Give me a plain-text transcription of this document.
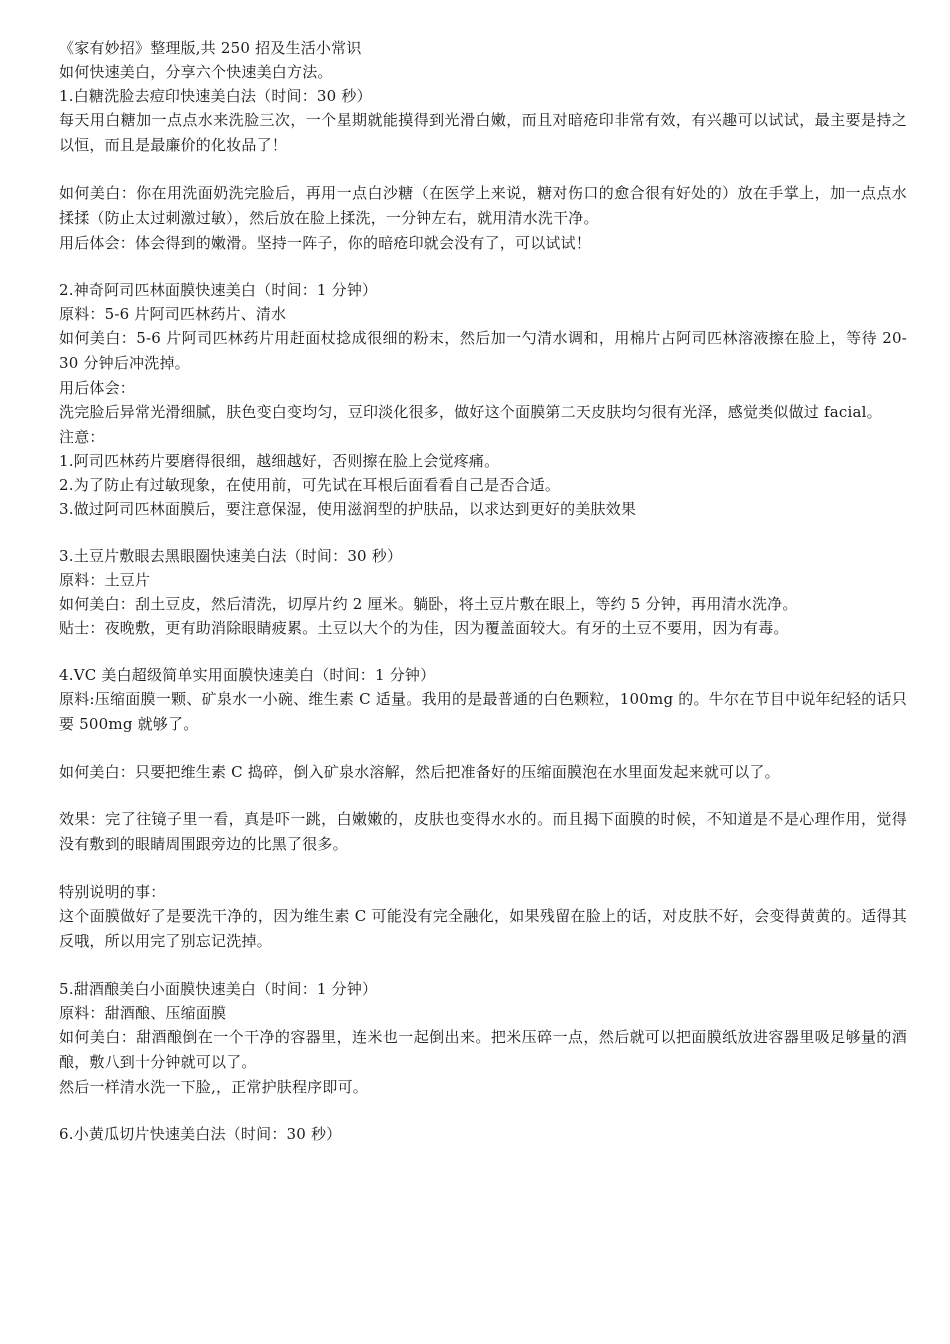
《家有妙招》整理版,共 250 招及生活小常识
如何快速美白，分享六个快速美白方法。
1.白糖洗脸去痘印快速美白法（时间：30 秒）
每天用白糖加一点点水来洗脸三次，一个星期就能摸得到光滑白嫩，而且对暗疮印非常有效，有兴趣可以试试，最主要是持之以恒，而且是最廉价的化妆品了！
如何美白：你在用洗面奶洗完脸后，再用一点白沙糖（在医学上来说，糖对伤口的愈合很有好处的）放在手掌上，加一点点水揉揉（防止太过刺激过敏），然后放在脸上揉洗，一分钟左右，就用清水洗干净。
用后体会：体会得到的嫩滑。坚持一阵子，你的暗疮印就会没有了，可以试试！
2.神奇阿司匹林面膜快速美白（时间：1 分钟）
原料：5-6 片阿司匹林药片、清水
如何美白：5-6 片阿司匹林药片用赶面杖捻成很细的粉末，然后加一勺清水调和，用棉片占阿司匹林溶液擦在脸上，等待 20-30 分钟后冲洗掉。
用后体会：
洗完脸后异常光滑细腻，肤色变白变均匀，豆印淡化很多，做好这个面膜第二天皮肤均匀很有光泽，感觉类似做过 facial。
注意：
1.阿司匹林药片要磨得很细，越细越好，否则擦在脸上会觉疼痛。
2.为了防止有过敏现象，在使用前，可先试在耳根后面看看自己是否合适。
3.做过阿司匹林面膜后，要注意保湿，使用滋润型的护肤品，以求达到更好的美肤效果
3.土豆片敷眼去黑眼圈快速美白法（时间：30 秒）
原料：土豆片
如何美白：刮土豆皮，然后清洗，切厚片约 2 厘米。躺卧，将土豆片敷在眼上，等约 5 分钟，再用清水洗净。
贴士：夜晚敷，更有助消除眼睛疲累。土豆以大个的为佳，因为覆盖面较大。有牙的土豆不要用，因为有毒。
4.VC 美白超级简单实用面膜快速美白（时间：1 分钟）
原料:压缩面膜一颗、矿泉水一小碗、维生素 C 适量。我用的是最普通的白色颗粒，100mg 的。牛尔在节目中说年纪轻的话只要 500mg 就够了。
如何美白：只要把维生素 C 捣碎，倒入矿泉水溶解，然后把准备好的压缩面膜泡在水里面发起来就可以了。
效果：完了往镜子里一看，真是吓一跳，白嫩嫩的，皮肤也变得水水的。而且揭下面膜的时候，不知道是不是心理作用，觉得没有敷到的眼睛周围跟旁边的比黑了很多。
特别说明的事：
这个面膜做好了是要洗干净的，因为维生素 C 可能没有完全融化，如果残留在脸上的话，对皮肤不好，会变得黄黄的。适得其反哦，所以用完了别忘记洗掉。
5.甜酒酿美白小面膜快速美白（时间：1 分钟）
原料：甜酒酿、压缩面膜
如何美白：甜酒酿倒在一个干净的容器里，连米也一起倒出来。把米压碎一点，然后就可以把面膜纸放进容器里吸足够量的酒酿，敷八到十分钟就可以了。
然后一样清水洗一下脸,，正常护肤程序即可。
6.小黄瓜切片快速美白法（时间：30 秒）
